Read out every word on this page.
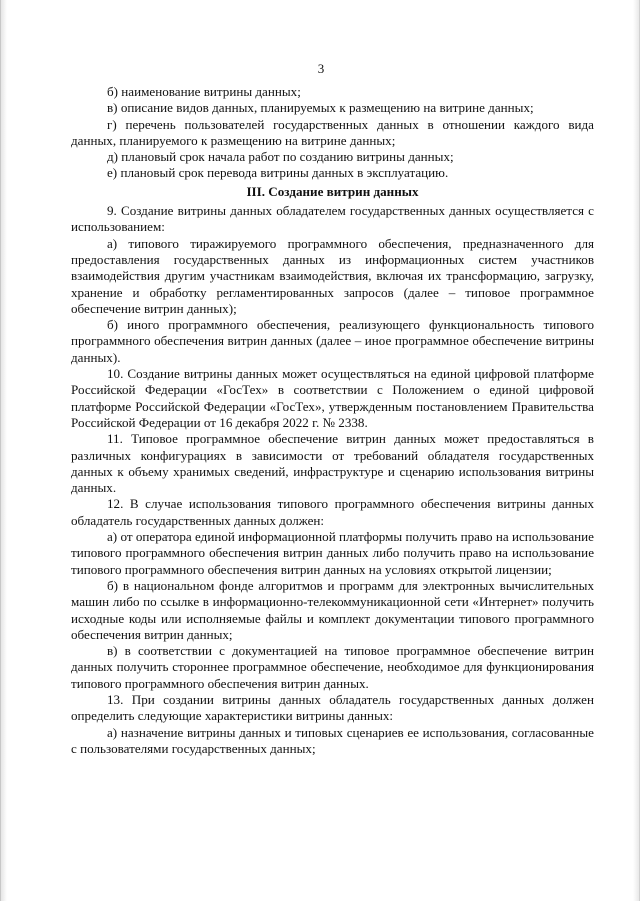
3

б) наименование витрины данных;

в) описание видов данных, планируемых к размещению на витрине данных;

г) перечень пользователей государственных данных в отношении каждого вида данных, планируемого к размещению на витрине данных;

д) плановый срок начала работ по созданию витрины данных;

е) плановый срок перевода витрины данных в эксплуатацию.

III. Создание витрин данных

9. Создание витрины данных обладателем государственных данных осуществляется с использованием:

а) типового тиражируемого программного обеспечения, предназначенного для предоставления государственных данных из информационных систем участников взаимодействия другим участникам взаимодействия, включая их трансформацию, загрузку, хранение и обработку регламентированных запросов (далее – типовое программное обеспечение витрин данных);

б) иного программного обеспечения, реализующего функциональность типового программного обеспечения витрин данных (далее – иное программное обеспечение витрины данных).

10. Создание витрины данных может осуществляться на единой цифровой платформе Российской Федерации «ГосТех» в соответствии с Положением о единой цифровой платформе Российской Федерации «ГосТех», утвержденным постановлением Правительства Российской Федерации от 16 декабря 2022 г. № 2338.

11. Типовое программное обеспечение витрин данных может предоставляться в различных конфигурациях в зависимости от требований обладателя государственных данных к объему хранимых сведений, инфраструктуре и сценарию использования витрины данных.

12. В случае использования типового программного обеспечения витрины данных обладатель государственных данных должен:

а) от оператора единой информационной платформы получить право на использование типового программного обеспечения витрин данных либо получить право на использование типового программного обеспечения витрин данных на условиях открытой лицензии;

б) в национальном фонде алгоритмов и программ для электронных вычислительных машин либо по ссылке в информационно-телекоммуникационной сети «Интернет» получить исходные коды или исполняемые файлы и комплект документации типового программного обеспечения витрин данных;

в) в соответствии с документацией на типовое программное обеспечение витрин данных получить стороннее программное обеспечение, необходимое для функционирования типового программного обеспечения витрин данных.

13. При создании витрины данных обладатель государственных данных должен определить следующие характеристики витрины данных:

а) назначение витрины данных и типовых сценариев ее использования, согласованные с пользователями государственных данных;
